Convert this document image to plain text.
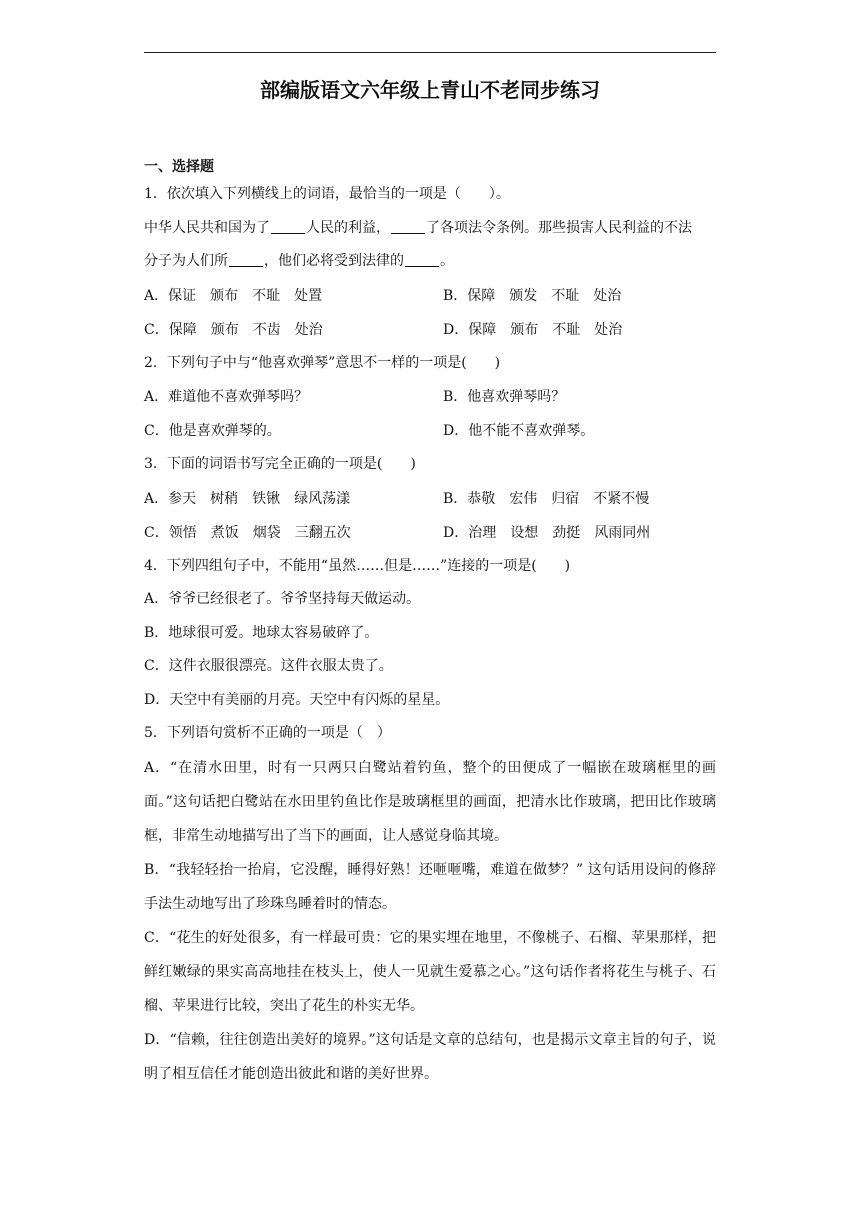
部编版语文六年级上青山不老同步练习
一、选择题
1．依次填入下列横线上的词语，最恰当的一项是（　　）。
中华人民共和国为了	人民的利益，	了各项法令条例。那些损害人民利益的不法
分子为人们所	，他们必将受到法律的	。
A．保证　颁布　不耻　处置	B．保障　颁发　不耻　处治
C．保障　颁布　不齿　处治	D．保障　颁布　不耻　处治
2．下列句子中与“他喜欢弹琴”意思不一样的一项是(　　)
A．难道他不喜欢弹琴吗？	B．他喜欢弹琴吗？
C．他是喜欢弹琴的。	D．他不能不喜欢弹琴。
3．下面的词语书写完全正确的一项是(　　)
A．参天　树稍　铁锹　绿风荡漾	B．恭敬　宏伟　归宿　不紧不慢
C．领悟　煮饭　烟袋　三翻五次	D．治理　设想　劲挺　风雨同州
4．下列四组句子中，不能用“虽然……但是……”连接的一项是(　　)
A．爷爷已经很老了。爷爷坚持每天做运动。
B．地球很可爱。地球太容易破碎了。
C．这件衣服很漂亮。这件衣服太贵了。
D．天空中有美丽的月亮。天空中有闪烁的星星。
5．下列语句赏析不正确的一项是（　）
A．“在清水田里，时有一只两只白鹭站着钓鱼，整个的田便成了一幅嵌在玻璃框里的画面。”这句话把白鹭站在水田里钓鱼比作是玻璃框里的画面，把清水比作玻璃，把田比作玻璃框，非常生动地描写出了当下的画面，让人感觉身临其境。
B．“我轻轻抬一抬肩，它没醒，睡得好熟！还咂咂嘴，难道在做梦？” 这句话用设问的修辞手法生动地写出了珍珠鸟睡着时的情态。
C．“花生的好处很多，有一样最可贵：它的果实埋在地里，不像桃子、石榴、苹果那样，把鲜红嫩绿的果实高高地挂在枝头上，使人一见就生爱慕之心。”这句话作者将花生与桃子、石榴、苹果进行比较，突出了花生的朴实无华。
D．“信赖，往往创造出美好的境界。”这句话是文章的总结句，也是揭示文章主旨的句子，说明了相互信任才能创造出彼此和谐的美好世界。
